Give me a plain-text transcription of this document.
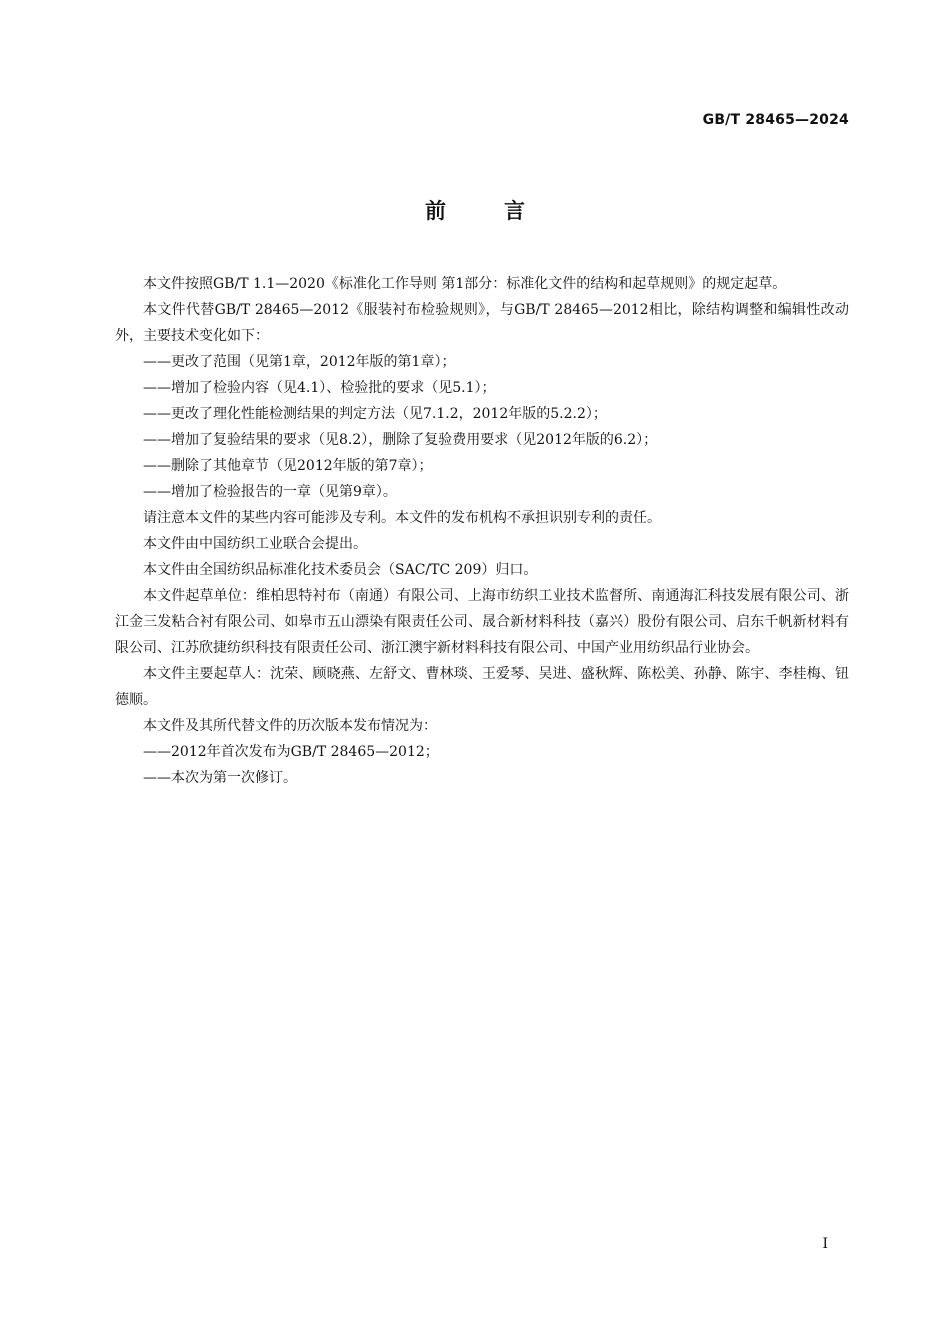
GB/T 28465—2024
前言

本文件按照GB/T 1.1—2020《标准化工作导则 第1部分：标准化文件的结构和起草规则》的规定起草。

本文件代替GB/T 28465—2012《服装衬布检验规则》，与GB/T 28465—2012相比，除结构调整和编辑性改动外，主要技术变化如下：

——更改了范围（见第1章，2012年版的第1章）；

——增加了检验内容（见4.1）、检验批的要求（见5.1）；

——更改了理化性能检测结果的判定方法（见7.1.2，2012年版的5.2.2）；

——增加了复验结果的要求（见8.2），删除了复验费用要求（见2012年版的6.2）；

——删除了其他章节（见2012年版的第7章）；

——增加了检验报告的一章（见第9章）。

请注意本文件的某些内容可能涉及专利。本文件的发布机构不承担识别专利的责任。

本文件由中国纺织工业联合会提出。

本文件由全国纺织品标准化技术委员会（SAC/TC 209）归口。

本文件起草单位：维柏思特衬布（南通）有限公司、上海市纺织工业技术监督所、南通海汇科技发展有限公司、浙江金三发粘合衬有限公司、如皋市五山漂染有限责任公司、晟合新材料科技（嘉兴）股份有限公司、启东千帆新材料有限公司、江苏欣捷纺织科技有限责任公司、浙江澳宇新材料科技有限公司、中国产业用纺织品行业协会。

本文件主要起草人：沈荣、顾晓燕、左舒文、曹林琰、王爱琴、吴进、盛秋辉、陈松美、孙静、陈宇、李桂梅、钮德顺。

本文件及其所代替文件的历次版本发布情况为：

——2012年首次发布为GB/T 28465—2012；

——本次为第一次修订。

I
